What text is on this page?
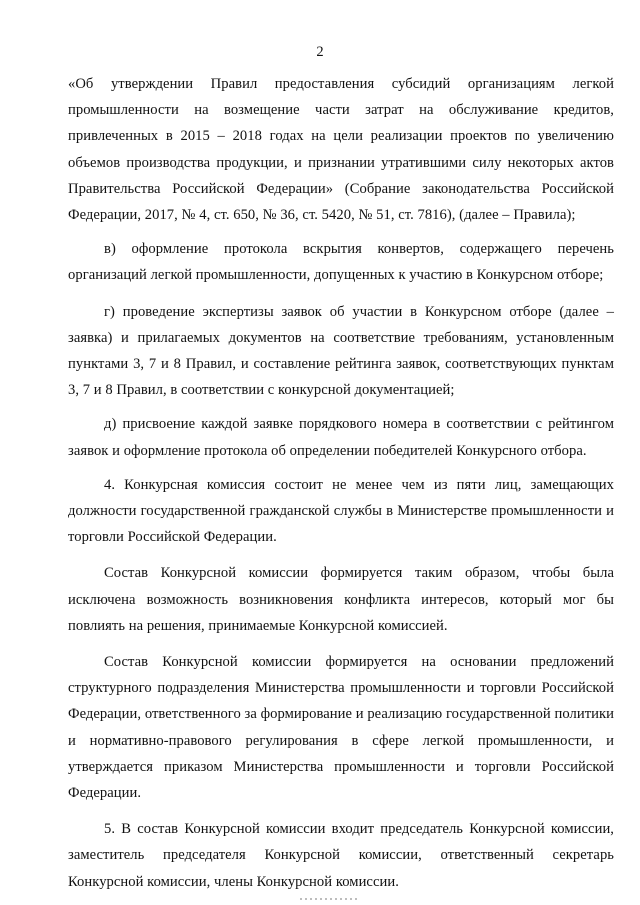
2

«Об утверждении Правил предоставления субсидий организациям легкой промышленности на возмещение части затрат на обслуживание кредитов, привлеченных в 2015 – 2018 годах на цели реализации проектов по увеличению объемов производства продукции, и признании утратившими силу некоторых актов Правительства Российской Федерации» (Собрание законодательства Российской Федерации, 2017, № 4, ст. 650, № 36, ст. 5420, № 51, ст. 7816), (далее – Правила);

в) оформление протокола вскрытия конвертов, содержащего перечень организаций легкой промышленности, допущенных к участию в Конкурсном отборе;

г) проведение экспертизы заявок об участии в Конкурсном отборе (далее – заявка) и прилагаемых документов на соответствие требованиям, установленным пунктами 3, 7 и 8 Правил, и составление рейтинга заявок, соответствующих пунктам 3, 7 и 8 Правил, в соответствии с конкурсной документацией;

д) присвоение каждой заявке порядкового номера в соответствии с рейтингом заявок и оформление протокола об определении победителей Конкурсного отбора.

4. Конкурсная комиссия состоит не менее чем из пяти лиц, замещающих должности государственной гражданской службы в Министерстве промышленности и торговли Российской Федерации.

Состав Конкурсной комиссии формируется таким образом, чтобы была исключена возможность возникновения конфликта интересов, который мог бы повлиять на решения, принимаемые Конкурсной комиссией.

Состав Конкурсной комиссии формируется на основании предложений структурного подразделения Министерства промышленности и торговли Российской Федерации, ответственного за формирование и реализацию государственной политики и нормативно-правового регулирования в сфере легкой промышленности, и утверждается приказом Министерства промышленности и торговли Российской Федерации.

5. В состав Конкурсной комиссии входит председатель Конкурсной комиссии, заместитель председателя Конкурсной комиссии, ответственный секретарь Конкурсной комиссии, члены Конкурсной комиссии.
